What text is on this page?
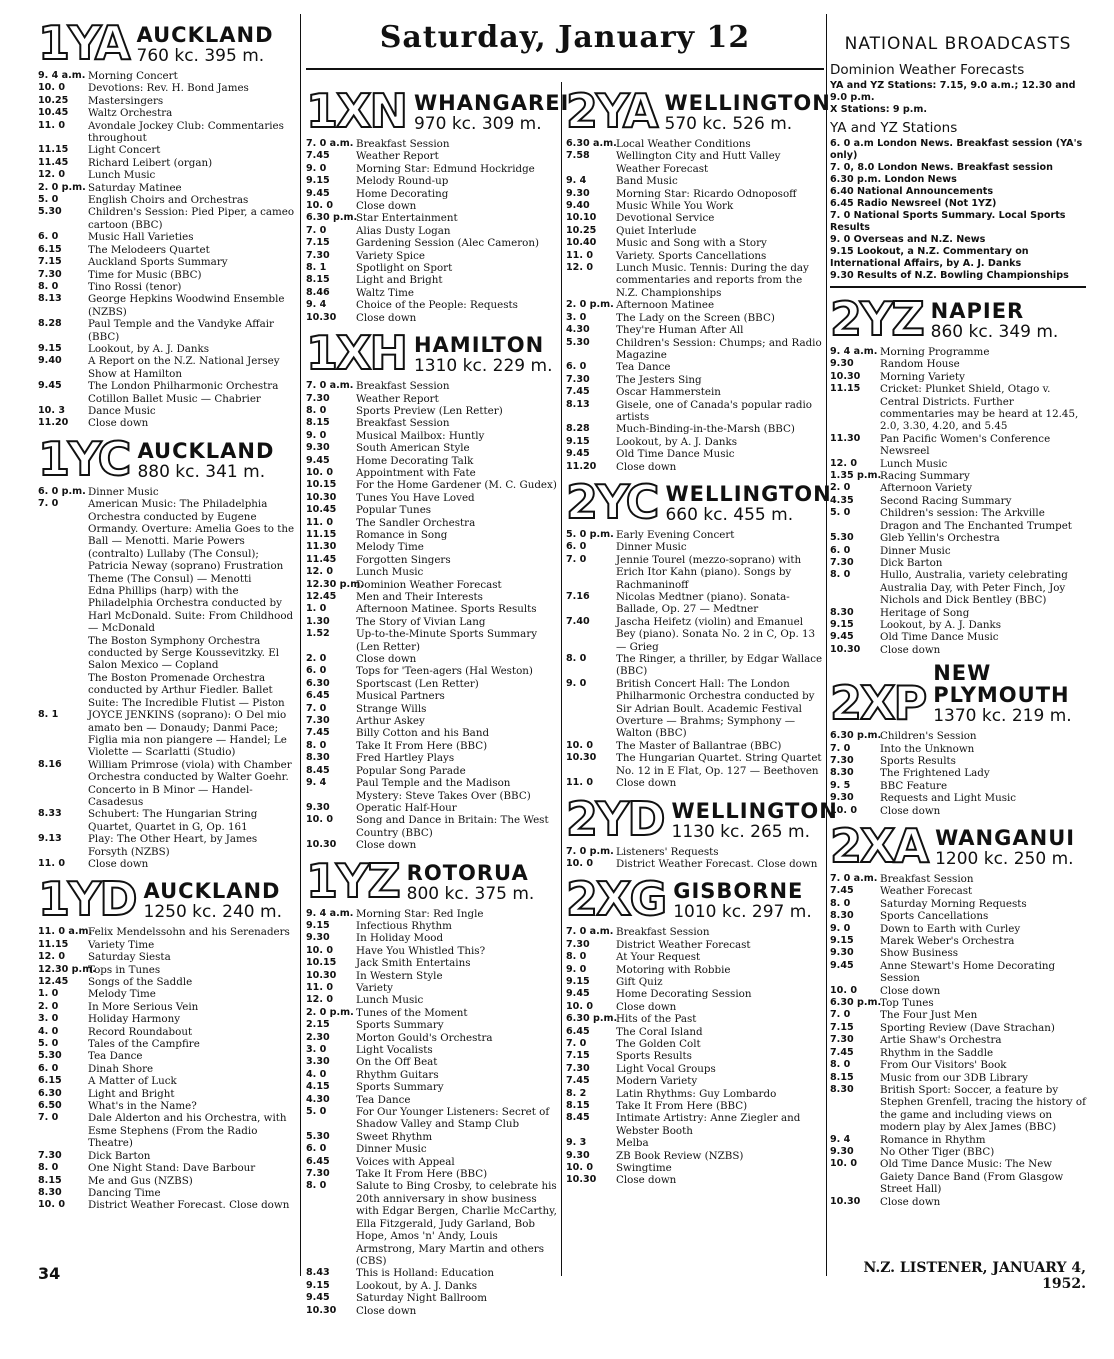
Saturday, January 12
1YA AUCKLAND
760 kc. 395 m.
9. 4 a.m. Morning Concert
10. 0 Devotions: Rev. H. Bond James
10.25 Mastersingers
10.45 Waltz Orchestra
11. 0 Avondale Jockey Club: Commentaries throughout
11.15 Light Concert
11.45 Richard Leibert (organ)
12. 0 Lunch Music
2. 0 p.m. Saturday Matinee
5. 0	English Choirs and Orchestras
5.30	Children's Session: Pied Piper, a cameo cartoon (BBC)
6. 0	Music Hall Varieties
6.15	The Melodeers Quartet
7.15	Auckland Sports Summary
7.30	Time for Music (BBC)
8. 0	Tino Rossi (tenor)
8.13	George Hepkins Woodwind Ensemble (NZBS)
8.28	Paul Temple and the Vandyke Affair (BBC)
9.15	Lookout, by A. J. Danks
9.40	A Report on the N.Z. National Jersey Show at Hamilton
9.45	The London Philharmonic Orchestra Cotillon Ballet Music — Chabrier
10. 3 Dance Music
11.20 Close down
1YC AUCKLAND
880 kc. 341 m.
6. 0 p.m. Dinner Music
7. 0	American Music: The Philadelphia Orchestra conducted by Eugene Ormandy. Overture: Amelia Goes to the Ball — Menotti. Marie Powers (contralto) Lullaby (The Consul); Patricia Neway (soprano) Frustration Theme (The Consul) — Menotti
Edna Phillips (harp) with the Philadelphia Orchestra conducted by Harl McDonald. Suite: From Childhood — McDonald
The Boston Symphony Orchestra conducted by Serge Koussevitzky. El Salon Mexico — Copland
The Boston Promenade Orchestra conducted by Arthur Fiedler. Ballet Suite: The Incredible Flutist — Piston
8. 1	JOYCE JENKINS (soprano): O Del mio amato ben — Donaudy; Danmi Pace; Figlia mia non piangere — Handel; Le Violette — Scarlatti (Studio)
8.16	William Primrose (viola) with Chamber Orchestra conducted by Walter Goehr. Concerto in B Minor — Handel-Casadesus
8.33	Schubert: The Hungarian String Quartet, Quartet in G, Op. 161
9.13	Play: The Other Heart, by James Forsyth (NZBS)
11. 0 Close down
1YD AUCKLAND
1250 kc. 240 m.
11. 0 a.m.
Felix Mendelssohn and his Serenaders
11.15 Variety Time
12. 0 Saturday Siesta
12.30 p.m.
Tops in Tunes
12.45 Songs of the Saddle
1. 0	Melody Time
2. 0	In More Serious Vein
3. 0	Holiday Harmony
4. 0	Record Roundabout
5. 0	Tales of the Campfire
5.30	Tea Dance
6. 0	Dinah Shore
6.15	A Matter of Luck
6.30	Light and Bright
6.50	What's in the Name?
7. 0	Dale Alderton and his Orchestra, with Esme Stephens (From the Radio Theatre)
7.30	Dick Barton
8. 0	One Night Stand: Dave Barbour
8.15	Me and Gus (NZBS)
8.30	Dancing Time
10. 0 District Weather Forecast. Close down
1XN WHANGAREI
970 kc. 309 m.
7. 0 a.m. Breakfast Session
7.45	Weather Report
9. 0	Morning Star: Edmund Hockridge
9.15	Melody Round-up
9.45	Home Decorating
10. 0 Close down
6.30 p.m.
Star Entertainment
7. 0	Alias Dusty Logan
7.15	Gardening Session (Alec Cameron)
7.30	Variety Spice
8. 1	Spotlight on Sport
8.15	Light and Bright
8.46	Waltz Time
9. 4	Choice of the People: Requests
10.30 Close down
1XH HAMILTON
1310 kc. 229 m.
7. 0 a.m. Breakfast Session
7.30	Weather Report
8. 0	Sports Preview (Len Retter)
8.15	Breakfast Session
9. 0	Musical Mailbox: Huntly
9.30	South American Style
9.45	Home Decorating Talk
10. 0 Appointment with Fate
10.15 For the Home Gardener (M. C. Gudex)
10.30 Tunes You Have Loved
10.45 Popular Tunes
11. 0 The Sandler Orchestra
11.15 Romance in Song
11.30 Melody Time
11.45 Forgotten Singers
12. 0 Lunch Music
12.30 p.m.
Dominion Weather Forecast
12.45 Men and Their Interests
1. 0	Afternoon Matinee. Sports Results
1.30	The Story of Vivian Lang
1.52	Up-to-the-Minute Sports Summary (Len Retter)
2. 0	Close down
6. 0	Tops for 'Teen-agers (Hal Weston)
6.30	Sportscast (Len Retter)
6.45	Musical Partners
7. 0	Strange Wills
7.30	Arthur Askey
7.45	Billy Cotton and his Band
8. 0	Take It From Here (BBC)
8.30	Fred Hartley Plays
8.45	Popular Song Parade
9. 4	Paul Temple and the Madison Mystery: Steve Takes Over (BBC)
9.30	Operatic Half-Hour
10. 0 Song and Dance in Britain: The West Country (BBC)
10.30 Close down
1YZ ROTORUA
800 kc. 375 m.
9. 4 a.m. Morning Star: Red Ingle
9.15	Infectious Rhythm
9.30	In Holiday Mood
10. 0 Have You Whistled This?
10.15 Jack Smith Entertains
10.30 In Western Style
11. 0 Variety
12. 0 Lunch Music
2. 0 p.m. Tunes of the Moment
2.15	Sports Summary
2.30	Morton Gould's Orchestra
3. 0	Light Vocalists
3.30	On the Off Beat
4. 0	Rhythm Guitars
4.15	Sports Summary
4.30	Tea Dance
5. 0	For Our Younger Listeners: Secret of Shadow Valley and Stamp Club
5.30	Sweet Rhythm
6. 0	Dinner Music
6.45	Voices with Appeal
7.30	Take It From Here (BBC)
8. 0	Salute to Bing Crosby, to celebrate his 20th anniversary in show business with Edgar Bergen, Charlie McCarthy, Ella Fitzgerald, Judy Garland, Bob Hope, Amos 'n' Andy, Louis Armstrong, Mary Martin and others (CBS)
8.43	This is Holland: Education
9.15	Lookout, by A. J. Danks
9.45	Saturday Night Ballroom
10.30 Close down
2YA WELLINGTON
570 kc. 526 m.
6.30 a.m. Local Weather Conditions
7.58	Wellington City and Hutt Valley Weather Forecast
9. 4	Band Music
9.30	Morning Star: Ricardo Odnoposoff
9.40	Music While You Work
10.10 Devotional Service
10.25 Quiet Interlude
10.40 Music and Song with a Story
11. 0 Variety. Sports Cancellations
12. 0 Lunch Music. Tennis: During the day commentaries and reports from the N.Z. Championships
2. 0 p.m. Afternoon Matinee
3. 0	The Lady on the Screen (BBC)
4.30	They're Human After All
5.30	Children's Session: Chumps; and Radio Magazine
6. 0	Tea Dance
7.30	The Jesters Sing
7.45	Oscar Hammerstein
8.13	Gisele, one of Canada's popular radio artists
8.28	Much-Binding-in-the-Marsh (BBC)
9.15	Lookout, by A. J. Danks
9.45	Old Time Dance Music
11.20 Close down
2YC WELLINGTON
660 kc. 455 m.
5. 0 p.m. Early Evening Concert
6. 0	Dinner Music
7. 0	Jennie Tourel (mezzo-soprano) with Erich Itor Kahn (piano). Songs by Rachmaninoff
7.16	Nicolas Medtner (piano). Sonata-Ballade, Op. 27 — Medtner
7.40	Jascha Heifetz (violin) and Emanuel Bey (piano). Sonata No. 2 in C, Op. 13 — Grieg
8. 0	The Ringer, a thriller, by Edgar Wallace (BBC)
9. 0	British Concert Hall: The London Philharmonic Orchestra conducted by Sir Adrian Boult. Academic Festival Overture — Brahms; Symphony — Walton (BBC)
10. 0 The Master of Ballantrae (BBC)
10.30 The Hungarian Quartet. String Quartet No. 12 in E Flat, Op. 127 — Beethoven
11. 0 Close down
2YD WELLINGTON
1130 kc. 265 m.
7. 0 p.m. Listeners' Requests
10. 0 District Weather Forecast. Close down
2XG GISBORNE
1010 kc. 297 m.
7. 0 a.m. Breakfast Session
7.30	District Weather Forecast
8. 0	At Your Request
9. 0	Motoring with Robbie
9.15	Gift Quiz
9.45	Home Decorating Session
10. 0 Close down
6.30 p.m.
Hits of the Past
6.45	The Coral Island
7. 0	The Golden Colt
7.15	Sports Results
7.30	Light Vocal Groups
7.45	Modern Variety
8. 2	Latin Rhythms: Guy Lombardo
8.15	Take It From Here (BBC)
8.45	Intimate Artistry: Anne Ziegler and Webster Booth
9. 3	Melba
9.30	ZB Book Review (NZBS)
10. 0 Swingtime
10.30 Close down
NATIONAL BROADCASTS
Dominion Weather Forecasts
YA and YZ Stations: 7.15, 9.0 a.m.; 12.30 and 9.0 p.m.
X Stations: 9 p.m.
YA and YZ Stations
6. 0 a.m London News. Breakfast session (YA's only)
7. 0, 8.0 London News. Breakfast session
6.30 p.m. London News
6.40 National Announcements
6.45 Radio Newsreel (Not 1YZ)
7. 0 National Sports Summary. Local Sports Results
9. 0 Overseas and N.Z. News
9.15 Lookout, a N.Z. Commentary on International Affairs, by A. J. Danks
9.30 Results of N.Z. Bowling Championships
2YZ NAPIER
860 kc. 349 m.
9. 4 a.m. Morning Programme
9.30	Random House
10.30 Morning Variety
11.15 Cricket: Plunket Shield, Otago v. Central Districts. Further commentaries may be heard at 12.45, 2.0, 3.30, 4.20, and 5.45
11.30 Pan Pacific Women's Conference Newsreel
12. 0 Lunch Music
1.35 p.m.
Racing Summary
2. 0	Afternoon Variety
4.35	Second Racing Summary
5. 0	Children's session: The Arkville Dragon and The Enchanted Trumpet
5.30	Gleb Yellin's Orchestra
6. 0	Dinner Music
7.30	Dick Barton
8. 0	Hullo, Australia, variety celebrating Australia Day, with Peter Finch, Joy Nichols and Dick Bentley (BBC)
8.30	Heritage of Song
9.15	Lookout, by A. J. Danks
9.45	Old Time Dance Music
10.30 Close down
2XP
NEW PLYMOUTH
1370 kc. 219 m.
6.30 p.m.
Children's Session
7. 0	Into the Unknown
7.30	Sports Results
8.30	The Frightened Lady
9. 5	BBC Feature
9.30	Requests and Light Music
10. 0 Close down
2XA WANGANUI
1200 kc. 250 m.
7. 0 a.m. Breakfast Session
7.45	Weather Forecast
8. 0	Saturday Morning Requests
8.30	Sports Cancellations
9. 0	Down to Earth with Curley
9.15	Marek Weber's Orchestra
9.30	Show Business
9.45	Anne Stewart's Home Decorating Session
10. 0 Close down
6.30 p.m.
Top Tunes
7. 0	The Four Just Men
7.15	Sporting Review (Dave Strachan)
7.30	Artie Shaw's Orchestra
7.45	Rhythm in the Saddle
8. 0	From Our Visitors' Book
8.15	Music from our 3DB Library
8.30	British Sport: Soccer, a feature by Stephen Grenfell, tracing the history of the game and including views on modern play by Alex James (BBC)
9. 4	Romance in Rhythm
9.30	No Other Tiger (BBC)
10. 0 Old Time Dance Music: The New Gaiety Dance Band (From Glasgow Street Hall)
10.30 Close down
34	N.Z. LISTENER, JANUARY 4, 1952.
